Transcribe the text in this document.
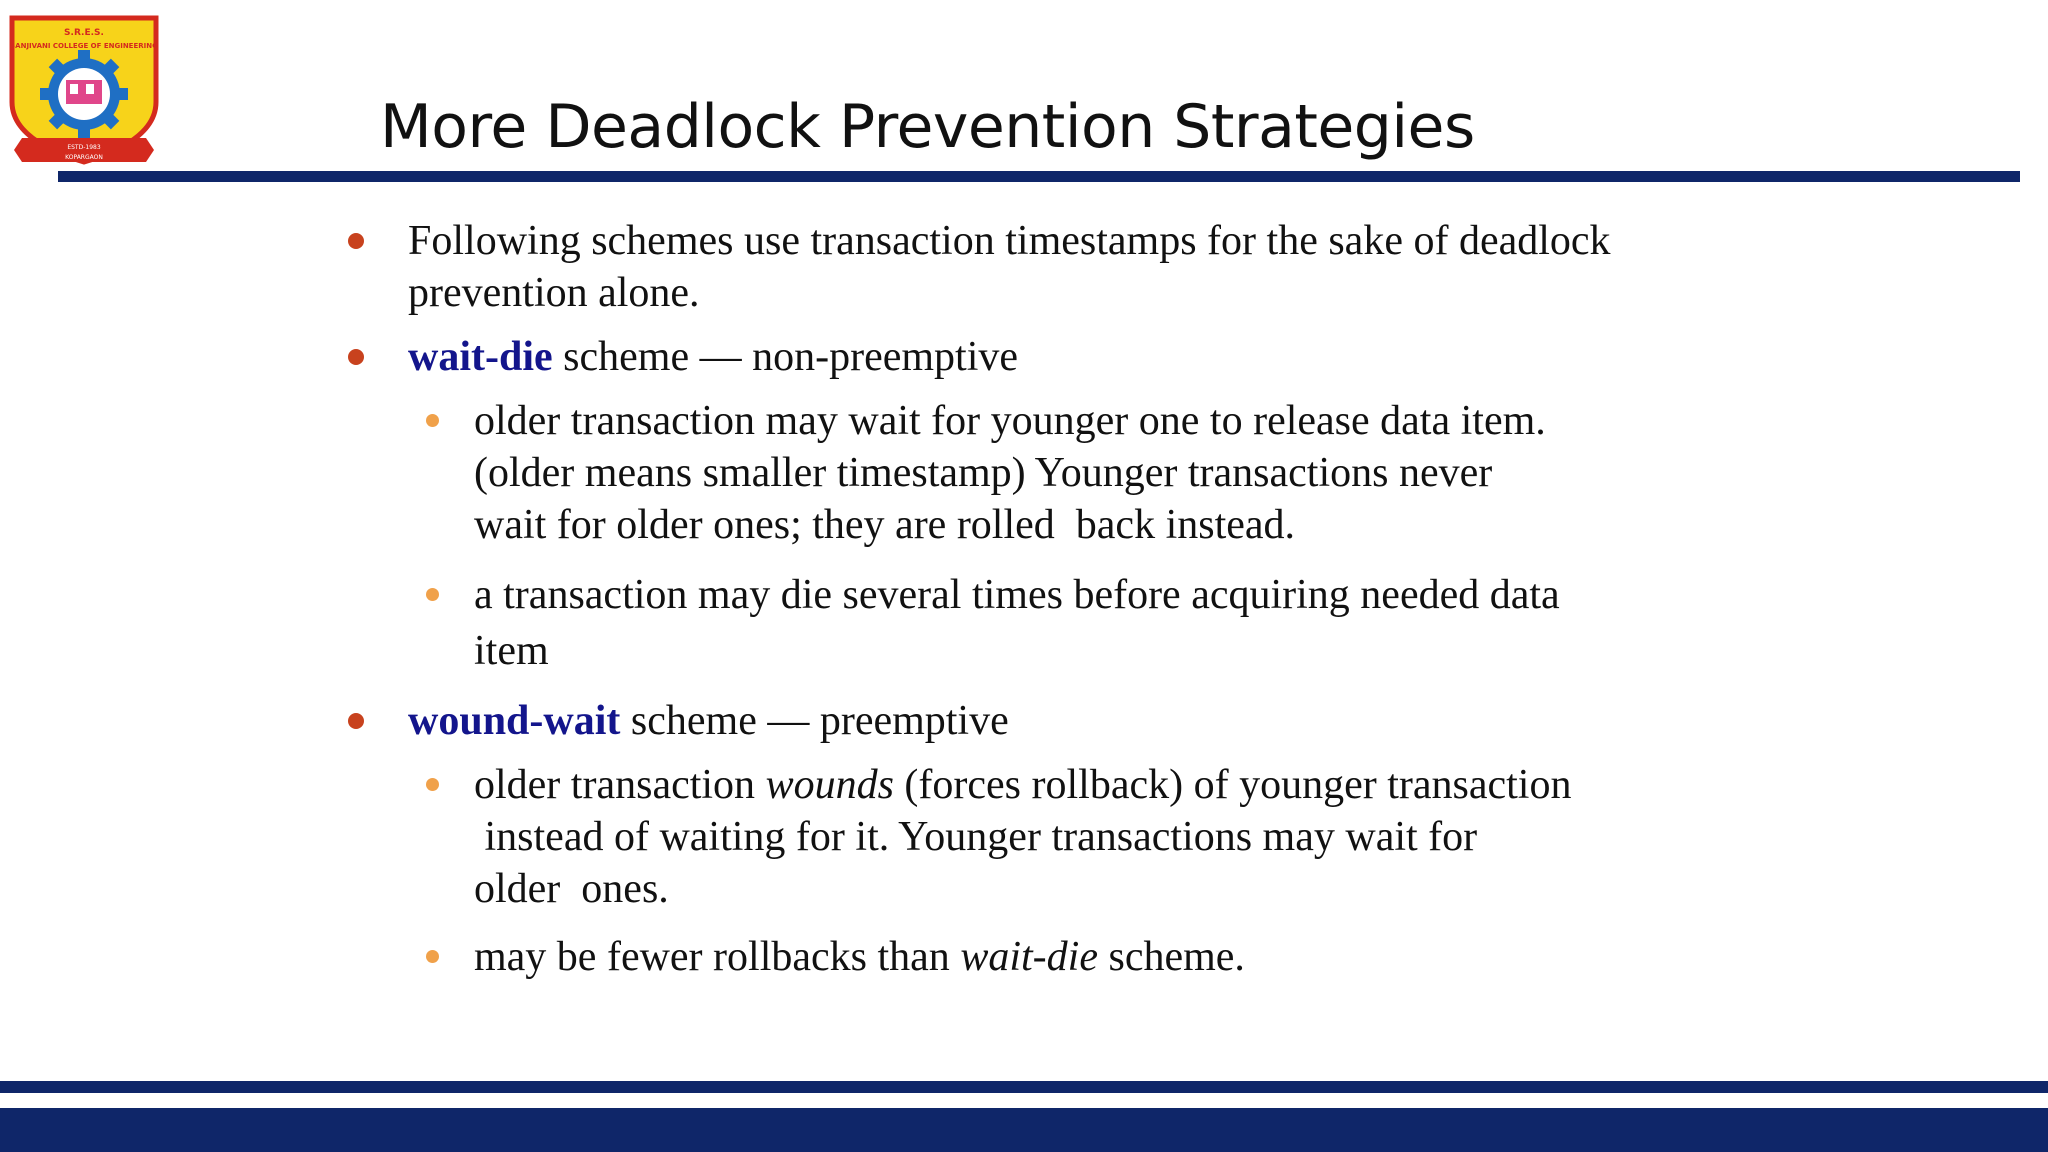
S.R.E.S.
SANJIVANI COLLEGE OF ENGINEERING
ESTD-1983
KOPARGAON	More Deadlock Prevention Strategies
Following schemes use transaction timestamps for the sake of deadlock prevention alone.
wait-die scheme — non-preemptive
older transaction may wait for younger one to release data item.
(older means smaller timestamp) Younger transactions never
wait for older ones; they are rolled  back instead.
a transaction may die several times before acquiring needed data
item
wound-wait scheme — preemptive
older transaction wounds (forces rollback) of younger transaction
instead of waiting for it. Younger transactions may wait for
older  ones.
may be fewer rollbacks than wait-die scheme.
